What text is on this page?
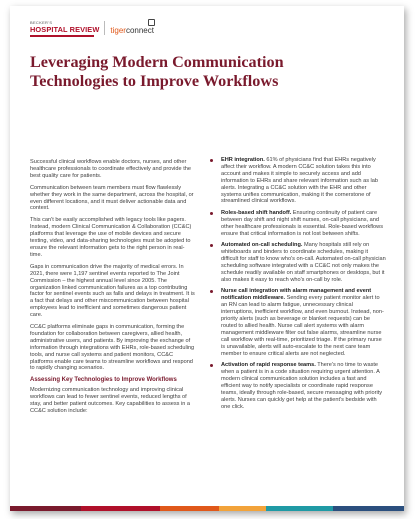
BECKER'S
HOSPITAL REVIEW tigerconnect
Leveraging Modern Communication Technologies to Improve Workflows

Successful clinical workflows enable doctors, nurses, and other healthcare professionals to coordinate effectively and provide the best quality care for patients.

Communication between team members must flow flawlessly whether they work in the same department, across the hospital, or even different locations, and it must deliver actionable data and context.

This can't be easily accomplished with legacy tools like pagers. Instead, modern Clinical Communication & Collaboration (CC&C) platforms that leverage the use of mobile devices and secure texting, video, and data-sharing technologies must be adopted to ensure the relevant information gets to the right person in real-time.

Gaps in communication drive the majority of medical errors. In 2021, there were 1,197 sentinel events reported to The Joint Commission – the highest annual level since 2005. The organization linked communication failures as a top contributing factor for sentinel events such as falls and delays in treatment. It is a fact that delays and other miscommunication between hospital employees lead to inefficient and sometimes dangerous patient care.

CC&C platforms eliminate gaps in communication, forming the foundation for collaboration between caregivers, allied health, administrative users, and patients. By improving the exchange of information through integrations with EHRs, role-based scheduling tools, and nurse call systems and patient monitors, CC&C platforms enable care teams to streamline workflows and respond to rapidly changing scenarios.

Assessing Key Technologies to Improve Workflows

Modernizing communication technology and improving clinical workflows can lead to fewer sentinel events, reduced lengths of stay, and better patient outcomes. Key capabilities to assess in a CC&C solution include:

EHR integration. 61% of physicians find that EHRs negatively affect their workflow. A modern CC&C solution takes this into account and makes it simple to securely access and add information to EHRs and share relevant information such as lab alerts. Integrating a CC&C solution with the EHR and other systems unifies communication, making it the cornerstone of streamlined clinical workflows.
Roles-based shift handoff. Ensuring continuity of patient care between day shift and night shift nurses, on-call physicians, and other healthcare professionals is essential. Role-based workflows ensure that critical information is not lost between shifts.
Automated on-call scheduling. Many hospitals still rely on whiteboards and binders to coordinate schedules, making it difficult for staff to know who's on-call. Automated on-call physician scheduling software integrated with a CC&C not only makes the schedule readily available on staff smartphones or desktops, but it also makes it easy to reach who's on-call by role.
Nurse call integration with alarm management and event notification middleware. Sending every patient monitor alert to an RN can lead to alarm fatigue, unnecessary clinical interruptions, inefficient workflow, and even burnout. Instead, non-priority alerts (such as beverage or blanket requests) can be routed to allied health. Nurse call alert systems with alarm management middleware filter out false alarms, streamline nurse call workflow with real-time, prioritized triage. If the primary nurse is unavailable, alerts will auto-escalate to the next care team member to ensure critical alerts are not neglected.
Activation of rapid response teams. There's no time to waste when a patient is in a code situation requiring urgent attention. A modern clinical communication solution includes a fast and efficient way to notify specialists or coordinate rapid response teams, ideally through role-based, secure messaging with priority alerts. Nurses can quickly get help at the patient's bedside with one click.
